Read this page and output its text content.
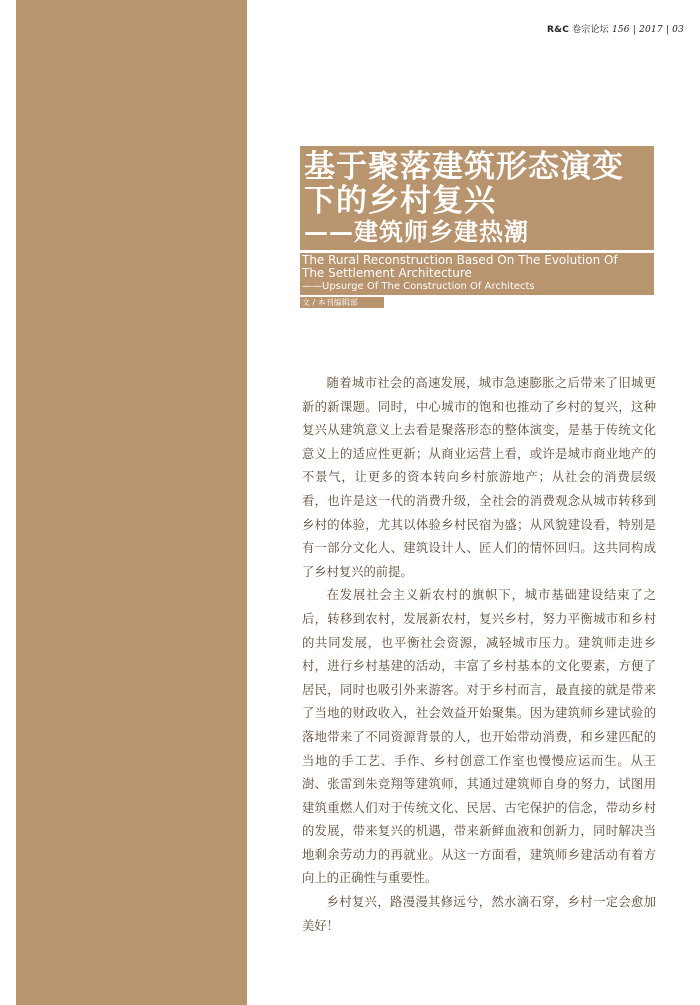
R&C 卷宗论坛 156 | 2017 | 03
基于聚落建筑形态演变
下的乡村复兴
——建筑师乡建热潮
The Rural Reconstruction Based On The Evolution Of
The Settlement Architecture
——Upsurge Of The Construction Of Architects
文 / 本刊编辑部

随着城市社会的高速发展，城市急速膨胀之后带来了旧城更新的新课题。同时，中心城市的饱和也推动了乡村的复兴，这种复兴从建筑意义上去看是聚落形态的整体演变，是基于传统文化意义上的适应性更新；从商业运营上看，或许是城市商业地产的不景气，让更多的资本转向乡村旅游地产；从社会的消费层级看，也许是这一代的消费升级，全社会的消费观念从城市转移到乡村的体验，尤其以体验乡村民宿为盛；从风貌建设看，特别是有一部分文化人、建筑设计人、匠人们的情怀回归。这共同构成了乡村复兴的前提。

在发展社会主义新农村的旗帜下，城市基础建设结束了之后，转移到农村，发展新农村，复兴乡村，努力平衡城市和乡村的共同发展，也平衡社会资源，减轻城市压力。建筑师走进乡村，进行乡村基建的活动，丰富了乡村基本的文化要素，方便了居民，同时也吸引外来游客。对于乡村而言，最直接的就是带来了当地的财政收入，社会效益开始聚集。因为建筑师乡建试验的落地带来了不同资源背景的人，也开始带动消费，和乡建匹配的当地的手工艺、手作、乡村创意工作室也慢慢应运而生。从王澍、张雷到朱竞翔等建筑师，其通过建筑师自身的努力，试图用建筑重燃人们对于传统文化、民居、古宅保护的信念，带动乡村的发展，带来复兴的机遇，带来新鲜血液和创新力，同时解决当地剩余劳动力的再就业。从这一方面看，建筑师乡建活动有着方向上的正确性与重要性。

乡村复兴，路漫漫其修远兮，然水滴石穿，乡村一定会愈加美好！
